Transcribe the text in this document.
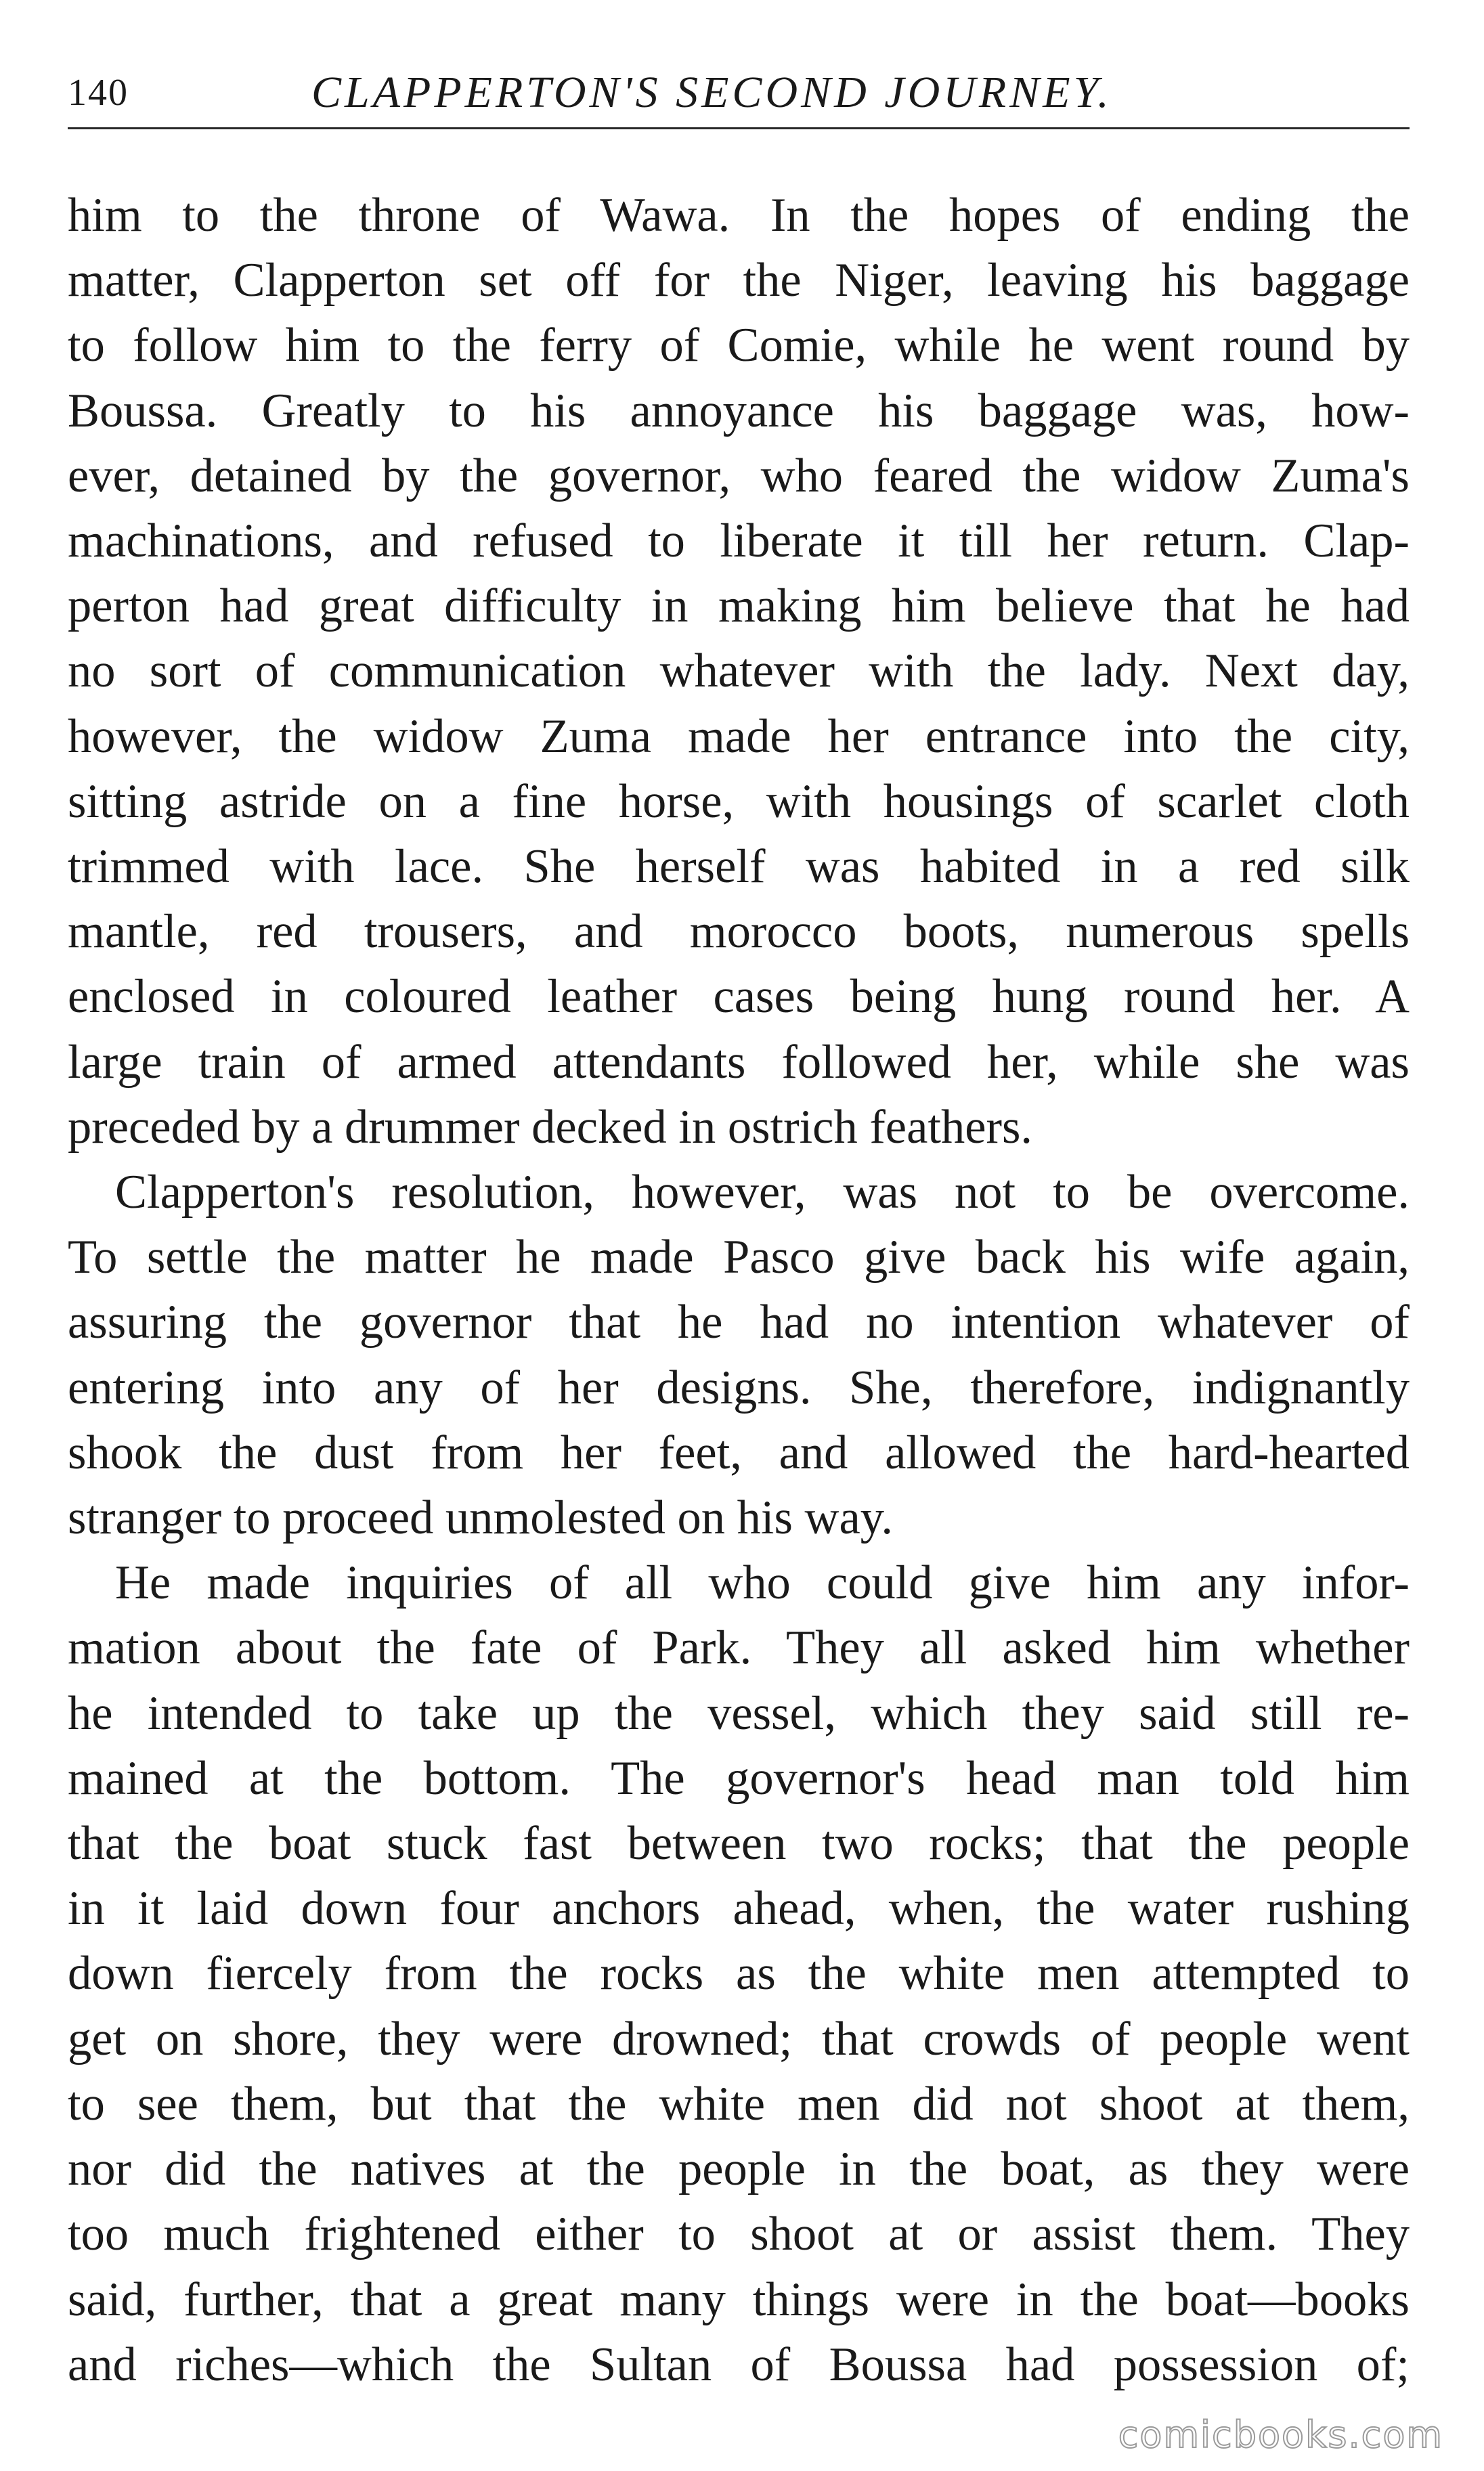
140	CLAPPERTON'S SECOND JOURNEY.

him to the throne of Wawa. In the hopes of ending the
matter, Clapperton set off for the Niger, leaving his baggage
to follow him to the ferry of Comie, while he went round by
Boussa. Greatly to his annoyance his baggage was, how-
ever, detained by the governor, who feared the widow Zuma's
machinations, and refused to liberate it till her return. Clap-
perton had great difficulty in making him believe that he had
no sort of communication whatever with the lady. Next day,
however, the widow Zuma made her entrance into the city,
sitting astride on a fine horse, with housings of scarlet cloth
trimmed with lace. She herself was habited in a red silk
mantle, red trousers, and morocco boots, numerous spells
enclosed in coloured leather cases being hung round her. A
large train of armed attendants followed her, while she was
preceded by a drummer decked in ostrich feathers.

Clapperton's resolution, however, was not to be overcome.
To settle the matter he made Pasco give back his wife again,
assuring the governor that he had no intention whatever of
entering into any of her designs. She, therefore, indignantly
shook the dust from her feet, and allowed the hard-hearted
stranger to proceed unmolested on his way.

He made inquiries of all who could give him any infor-
mation about the fate of Park. They all asked him whether
he intended to take up the vessel, which they said still re-
mained at the bottom. The governor's head man told him
that the boat stuck fast between two rocks; that the people
in it laid down four anchors ahead, when, the water rushing
down fiercely from the rocks as the white men attempted to
get on shore, they were drowned; that crowds of people went
to see them, but that the white men did not shoot at them,
nor did the natives at the people in the boat, as they were
too much frightened either to shoot at or assist them. They
said, further, that a great many things were in the boat—books
and riches—which the Sultan of Boussa had possession of;

comicbooks.com
